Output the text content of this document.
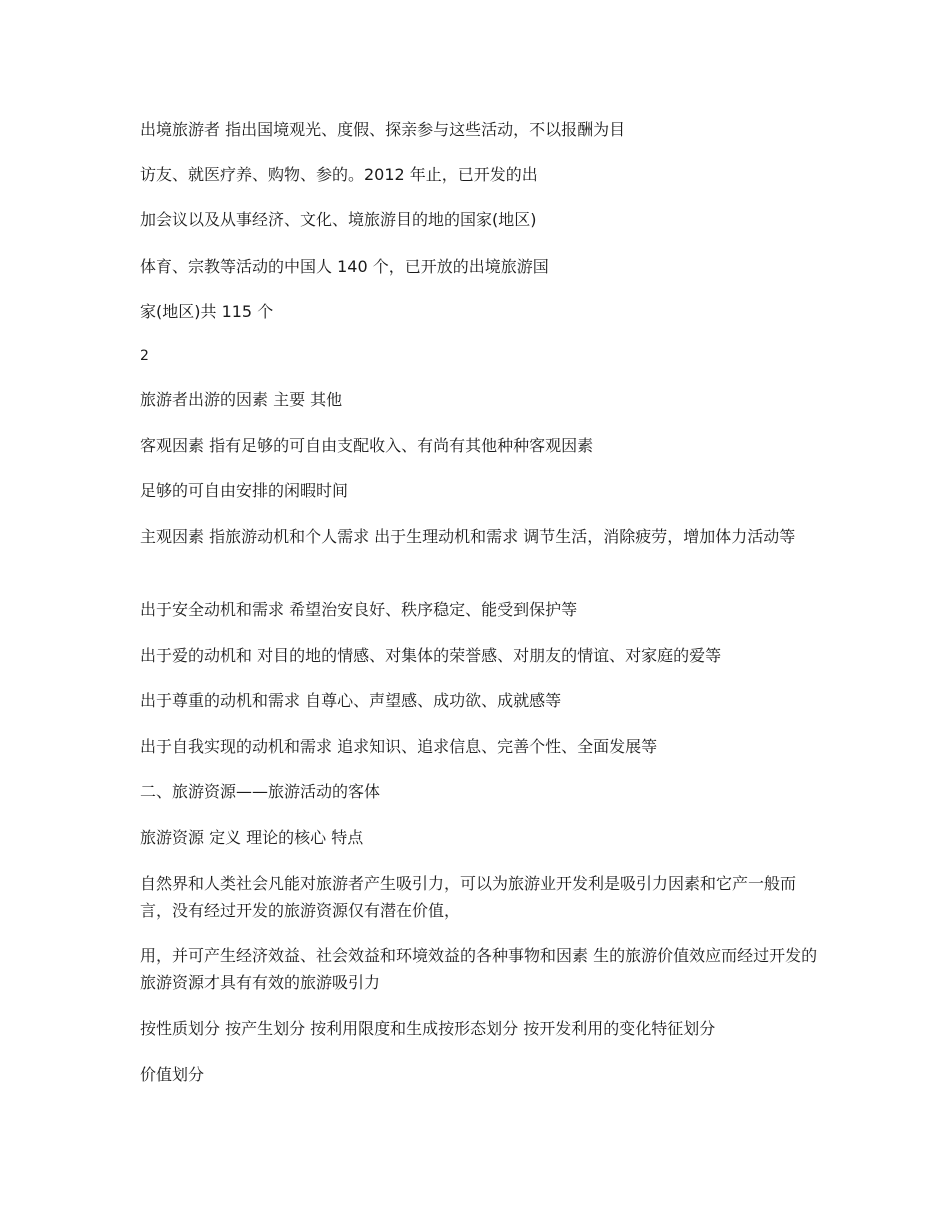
出境旅游者 指出国境观光、度假、探亲参与这些活动，不以报酬为目
访友、就医疗养、购物、参的。2012 年止，已开发的出
加会议以及从事经济、文化、境旅游目的地的国家(地区)
体育、宗教等活动的中国人 140 个，已开放的出境旅游国
家(地区)共 115 个
2
旅游者出游的因素 主要 其他
客观因素 指有足够的可自由支配收入、有尚有其他种种客观因素
足够的可自由安排的闲暇时间
主观因素 指旅游动机和个人需求 出于生理动机和需求 调节生活，消除疲劳，增加体力活动等
出于安全动机和需求 希望治安良好、秩序稳定、能受到保护等
出于爱的动机和 对目的地的情感、对集体的荣誉感、对朋友的情谊、对家庭的爱等
出于尊重的动机和需求 自尊心、声望感、成功欲、成就感等
出于自我实现的动机和需求 追求知识、追求信息、完善个性、全面发展等
二、旅游资源——旅游活动的客体
旅游资源 定义 理论的核心 特点
自然界和人类社会凡能对旅游者产生吸引力，可以为旅游业开发利是吸引力因素和它产一般而言，没有经过开发的旅游资源仅有潜在价值，
用，并可产生经济效益、社会效益和环境效益的各种事物和因素 生的旅游价值效应而经过开发的旅游资源才具有有效的旅游吸引力
按性质划分 按产生划分 按利用限度和生成按形态划分 按开发利用的变化特征划分
价值划分
